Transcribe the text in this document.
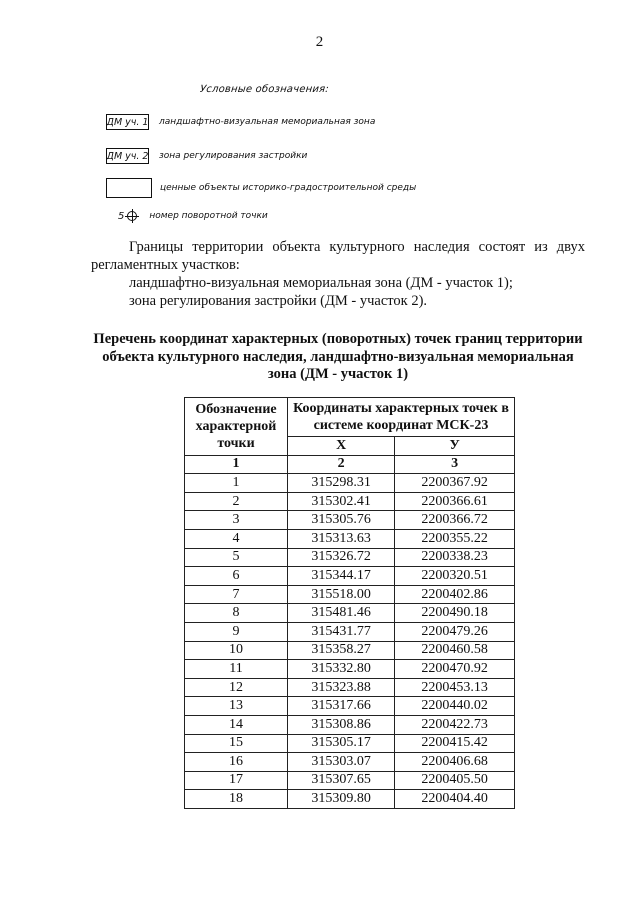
2
Условные обозначения:
ДМ уч. 1 ландшафтно-визуальная мемориальная зона
ДМ уч. 2 зона регулирования застройки
ценные объекты историко-градостроительной среды
5	номер поворотной точки

Границы территории объекта культурного наследия состоят из двух регламентных участков:

ландшафтно-визуальная мемориальная зона (ДМ - участок 1);

зона регулирования застройки (ДМ - участок 2).

Перечень координат характерных (поворотных) точек границ территории
объекта культурного наследия, ландшафтно-визуальная мемориальная
зона (ДМ - участок 1)
Обозначение характерной точки	Координаты характерных точек в системе координат МСК-23	
	X	У
1	2	3
1	315298.31	2200367.92
2	315302.41	2200366.61
3	315305.76	2200366.72
4	315313.63	2200355.22
5	315326.72	2200338.23
6	315344.17	2200320.51
7	315518.00	2200402.86
8	315481.46	2200490.18
9	315431.77	2200479.26
10	315358.27	2200460.58
11	315332.80	2200470.92
12	315323.88	2200453.13
13	315317.66	2200440.02
14	315308.86	2200422.73
15	315305.17	2200415.42
16	315303.07	2200406.68
17	315307.65	2200405.50
18	315309.80	2200404.40
